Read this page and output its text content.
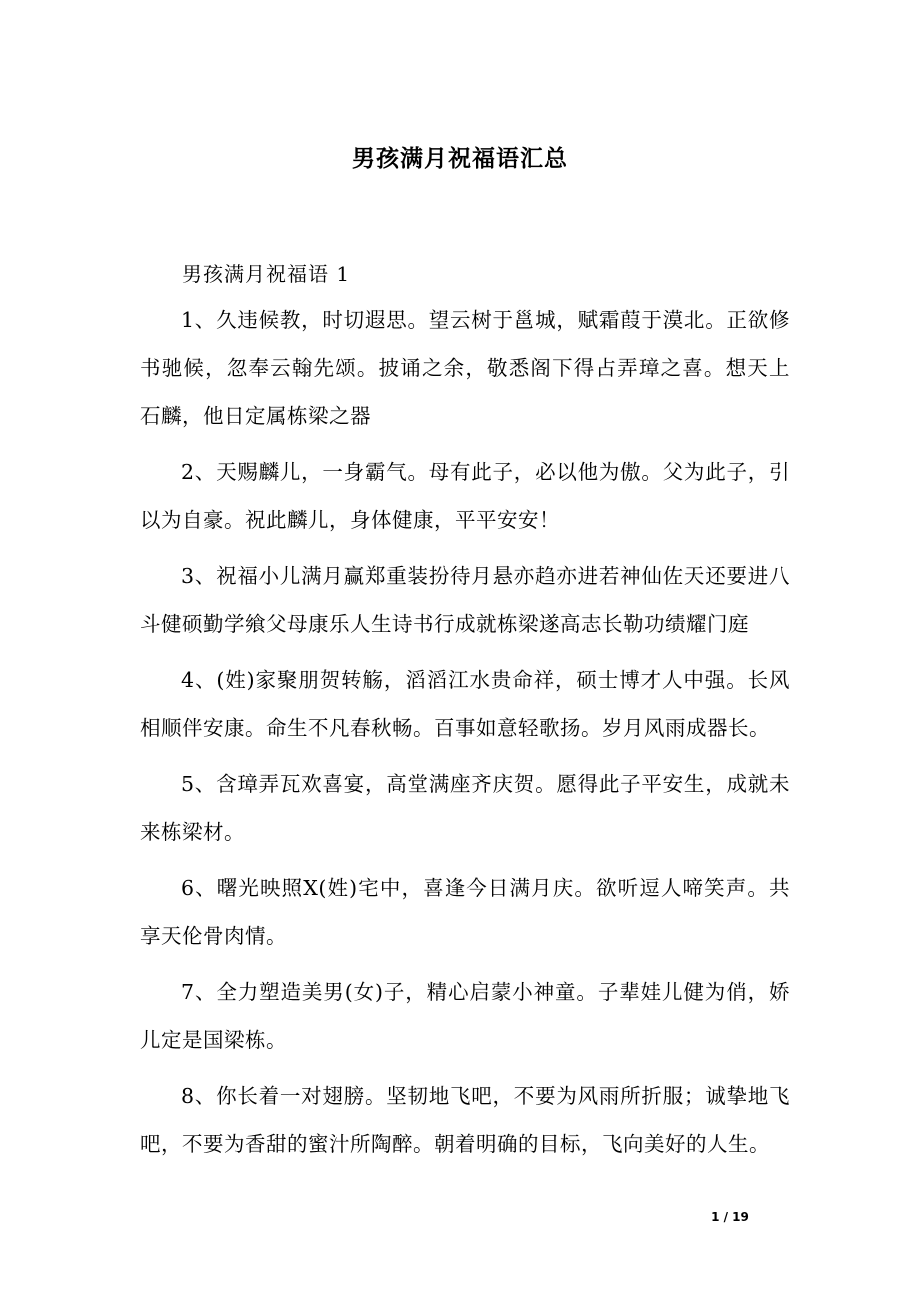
男孩满月祝福语汇总

男孩满月祝福语 1

1、久违候教，时切遐思。望云树于邕城，赋霜葭于漠北。正欲修书驰候，忽奉云翰先颂。披诵之余，敬悉阁下得占弄璋之喜。想天上石麟，他日定属栋梁之器

2、天赐麟儿，一身霸气。母有此子，必以他为傲。父为此子，引以为自豪。祝此麟儿，身体健康，平平安安！

3、祝福小儿满月赢郑重装扮待月悬亦趋亦进若神仙佐天还要进八斗健硕勤学飨父母康乐人生诗书行成就栋梁遂高志长勒功绩耀门庭

4、(姓)家聚朋贺转觞，滔滔江水贵命祥，硕士博才人中强。长风相顺伴安康。命生不凡春秋畅。百事如意轻歌扬。岁月风雨成器长。

5、含璋弄瓦欢喜宴，高堂满座齐庆贺。愿得此子平安生，成就未来栋梁材。

6、曙光映照X(姓)宅中，喜逢今日满月庆。欲听逗人啼笑声。共享天伦骨肉情。

7、全力塑造美男(女)子，精心启蒙小神童。子辈娃儿健为俏，娇儿定是国梁栋。

8、你长着一对翅膀。坚韧地飞吧，不要为风雨所折服；诚挚地飞吧，不要为香甜的蜜汁所陶醉。朝着明确的目标，飞向美好的人生。

1 / 19
